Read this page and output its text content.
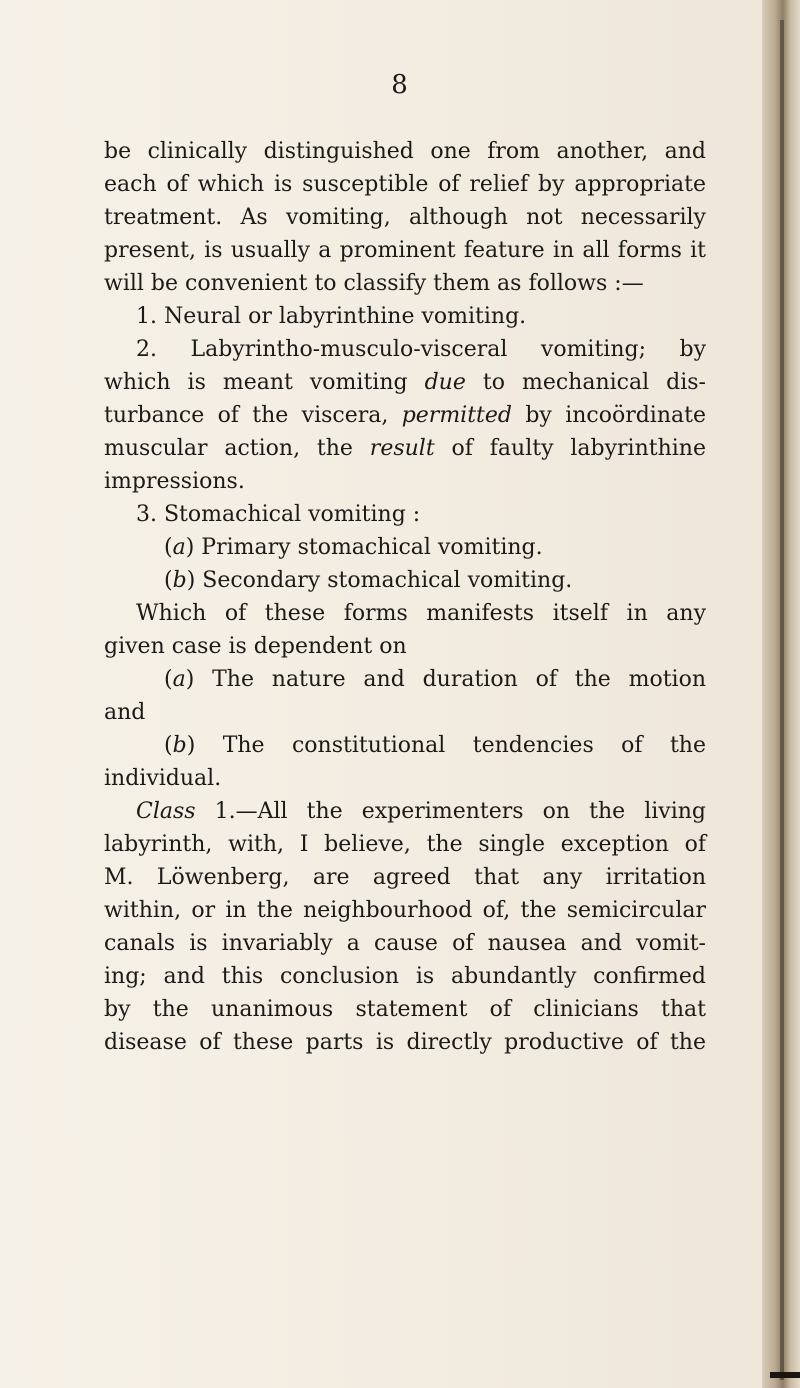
8
be clinically distinguished one from another, and
each of which is susceptible of relief by appropriate
treatment. As vomiting, although not necessarily
present, is usually a prominent feature in all forms it
will be convenient to classify them as follows :—
1. Neural or labyrinthine vomiting.
2. Labyrintho-musculo-visceral vomiting; by
which is meant vomiting due to mechanical dis-
turbance of the viscera, permitted by incoördinate
muscular action, the result of faulty labyrinthine
impressions.
3. Stomachical vomiting :
(a) Primary stomachical vomiting.
(b) Secondary stomachical vomiting.
Which of these forms manifests itself in any
given case is dependent on
(a) The nature and duration of the motion
and
(b) The constitutional tendencies of the
individual.
Class 1.—All the experimenters on the living
labyrinth, with, I believe, the single exception of
M. Löwenberg, are agreed that any irritation
within, or in the neighbourhood of, the semicircular
canals is invariably a cause of nausea and vomit-
ing; and this conclusion is abundantly confirmed
by the unanimous statement of clinicians that
disease of these parts is directly productive of the
